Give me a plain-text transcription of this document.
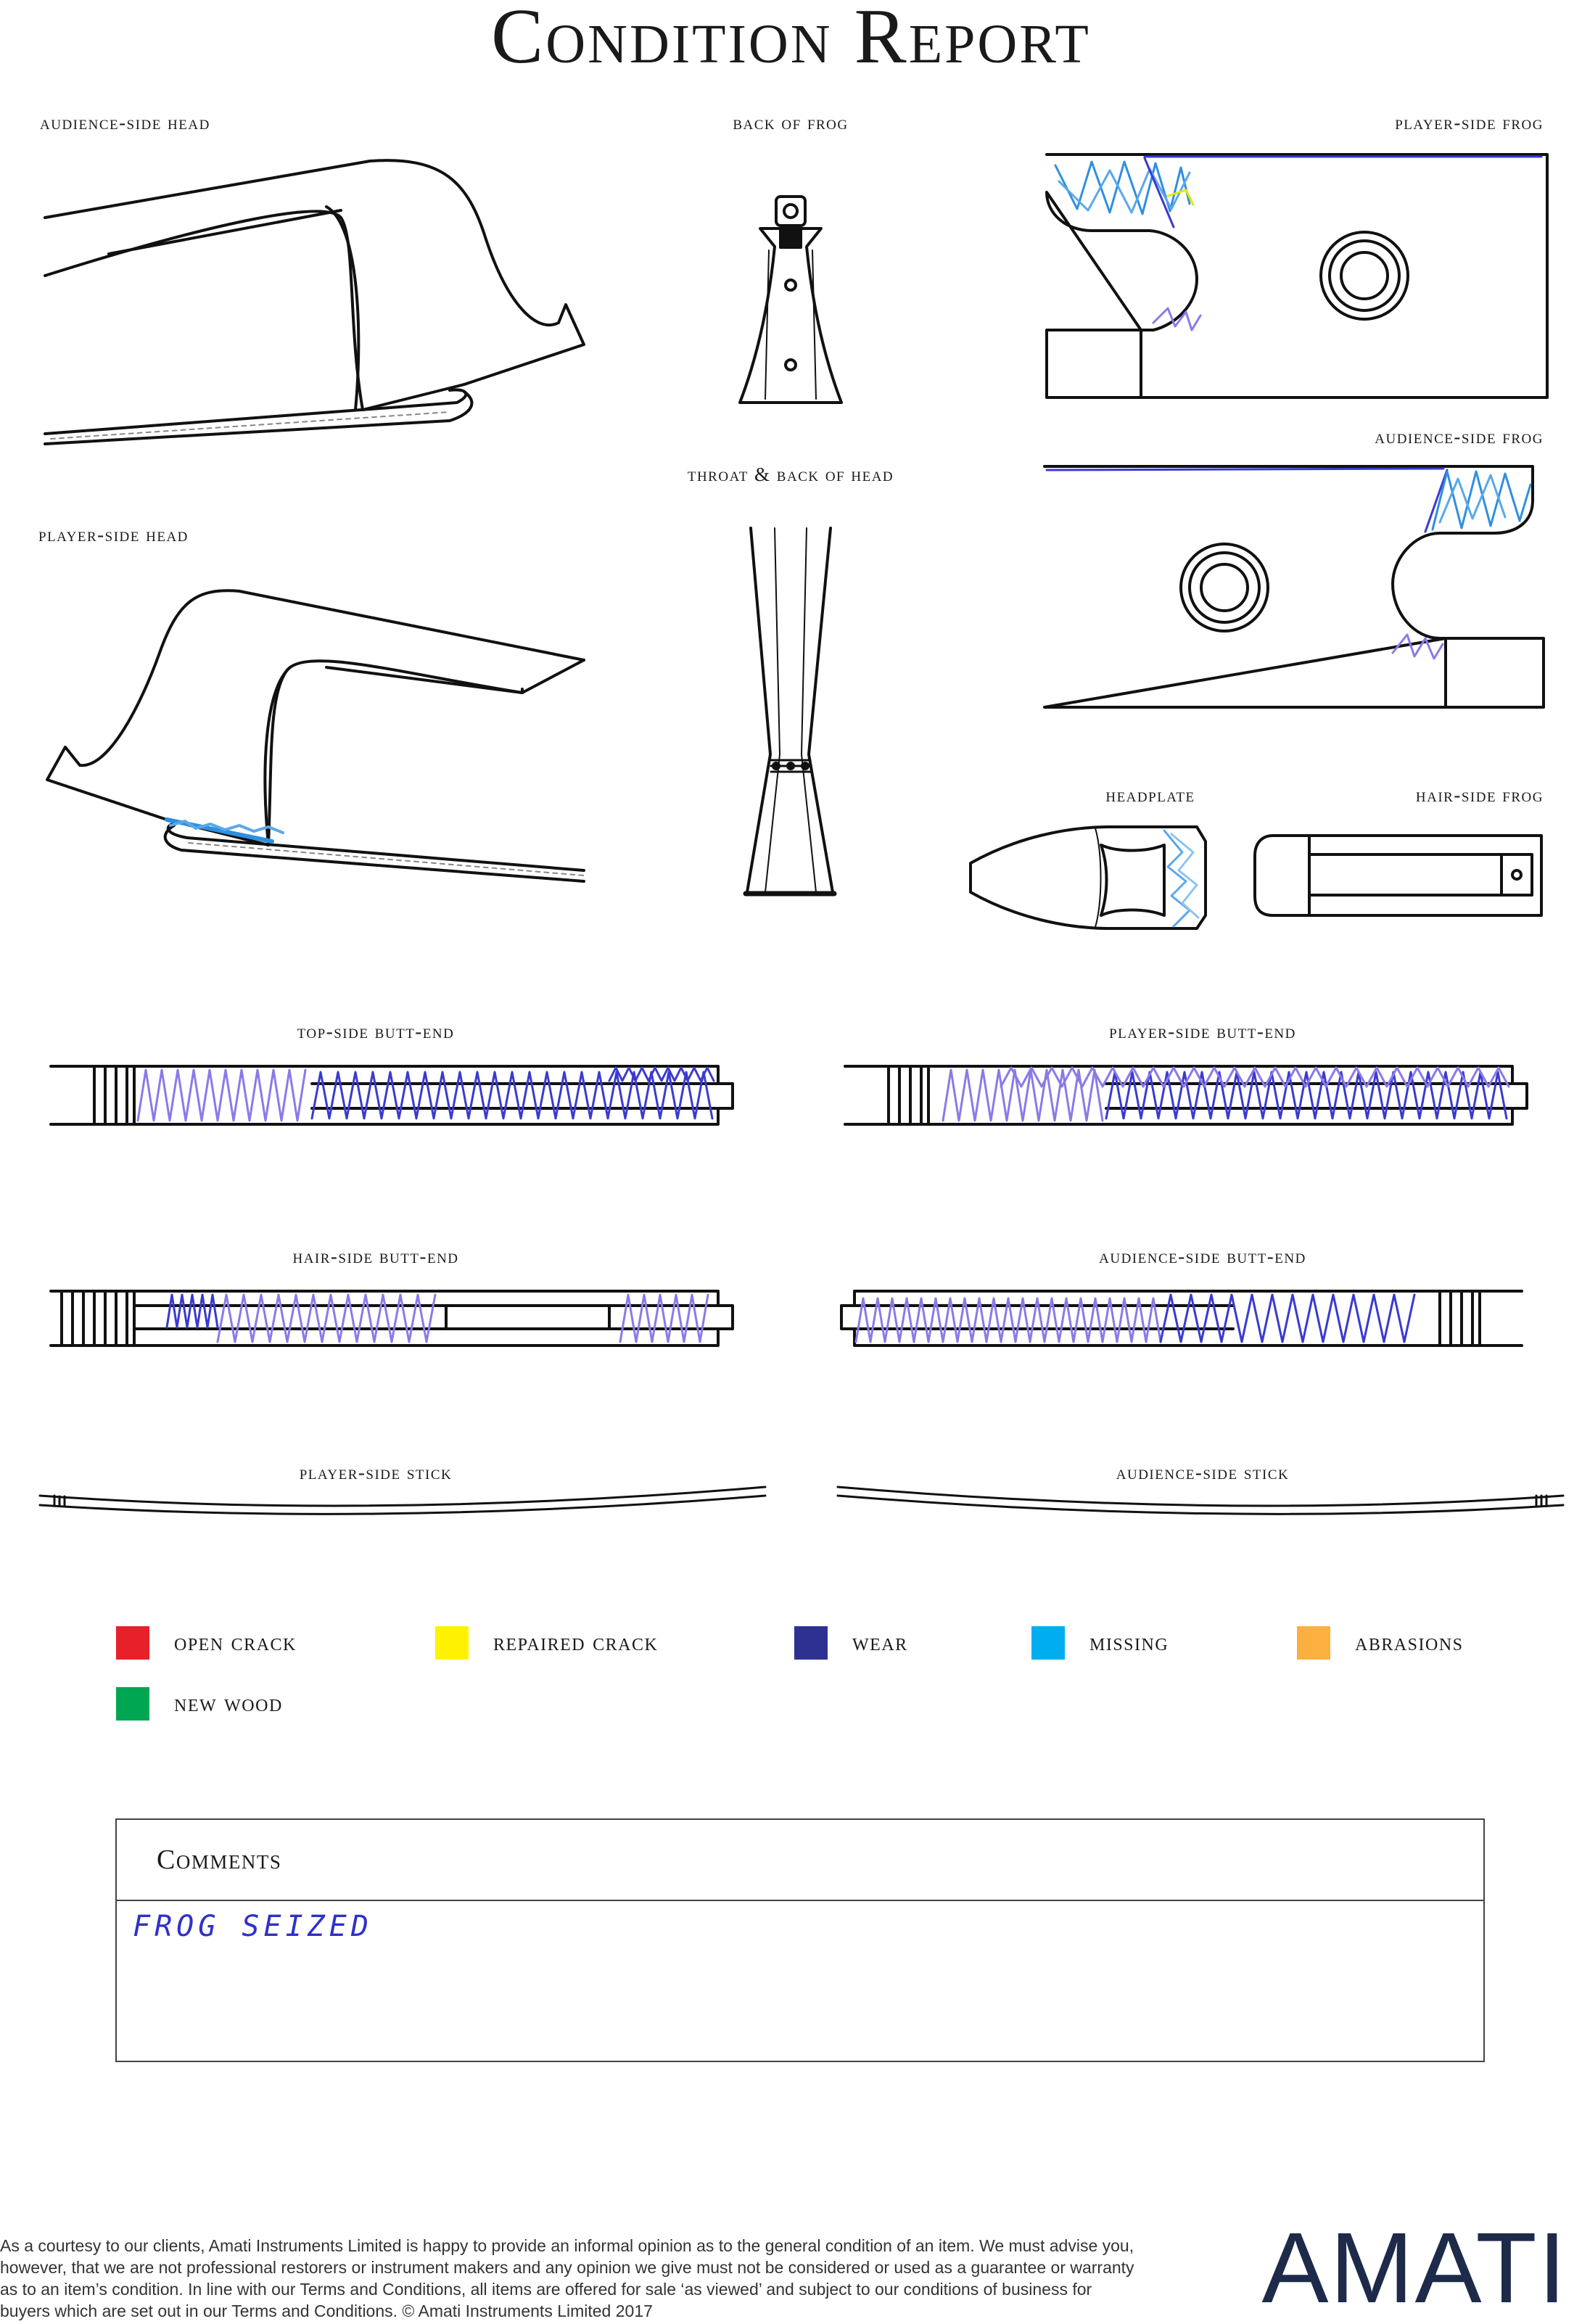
Condition Report
audience-side head	back of frog	player-side frog
throat & back of head
audience-side frog
player-side head
headplate	hair-side frog
top-side butt-end	player-side butt-end
hair-side butt-end	audience-side butt-end
player-side stick	audience-side stick
open crack	repaired crack	wear	missing	abrasions
new wood
Comments
FROG SEIZED
As a courtesy to our clients, Amati Instruments Limited is happy to provide an informal opinion as to the general condition of an item. We must advise you, however, that we are not professional restorers or instrument makers and any opinion we give must not be considered or used as a guarantee or warranty as to an item’s condition. In line with our Terms and Conditions, all items are offered for sale ‘as viewed’ and subject to our conditions of business for buyers which are set out in our Terms and Conditions. © Amati Instruments Limited 2017	AMATI
